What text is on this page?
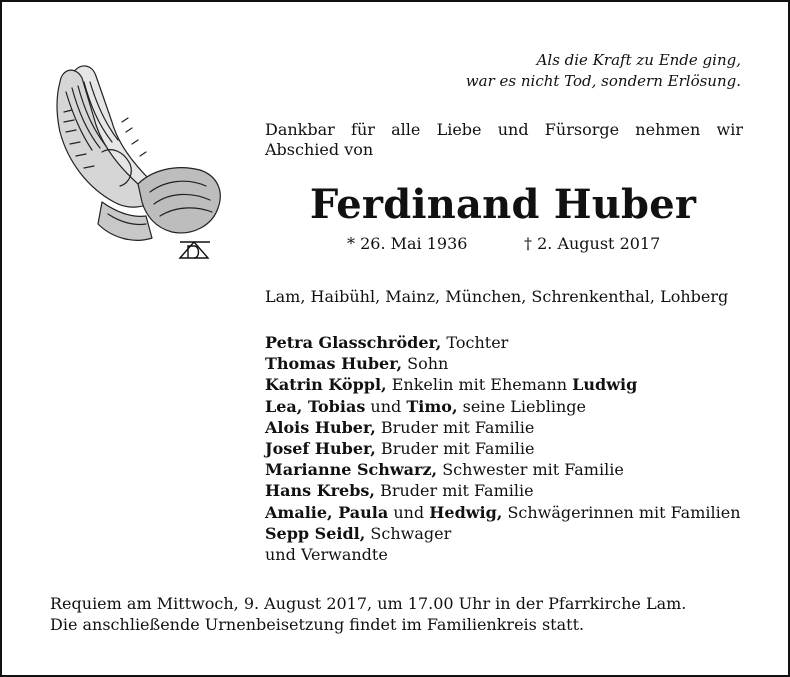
Als die Kraft zu Ende ging,
war es nicht Tod, sondern Erlösung.
Dankbar für alle Liebe und Fürsorge nehmen wir Abschied von
Ferdinand Huber
* 26. Mai 1936	† 2. August 2017
Lam, Haibühl, Mainz, München, Schrenkenthal, Lohberg
Petra Glasschröder, Tochter
Thomas Huber, Sohn
Katrin Köppl, Enkelin mit Ehemann Ludwig
Lea, Tobias und Timo, seine Lieblinge
Alois Huber, Bruder mit Familie
Josef Huber, Bruder mit Familie
Marianne Schwarz, Schwester mit Familie
Hans Krebs, Bruder mit Familie
Amalie, Paula und Hedwig, Schwägerinnen mit Familien
Sepp Seidl, Schwager
und Verwandte
Requiem am Mittwoch, 9. August 2017, um 17.00 Uhr in der Pfarrkirche Lam.
Die anschließende Urnenbeisetzung findet im Familienkreis statt.
